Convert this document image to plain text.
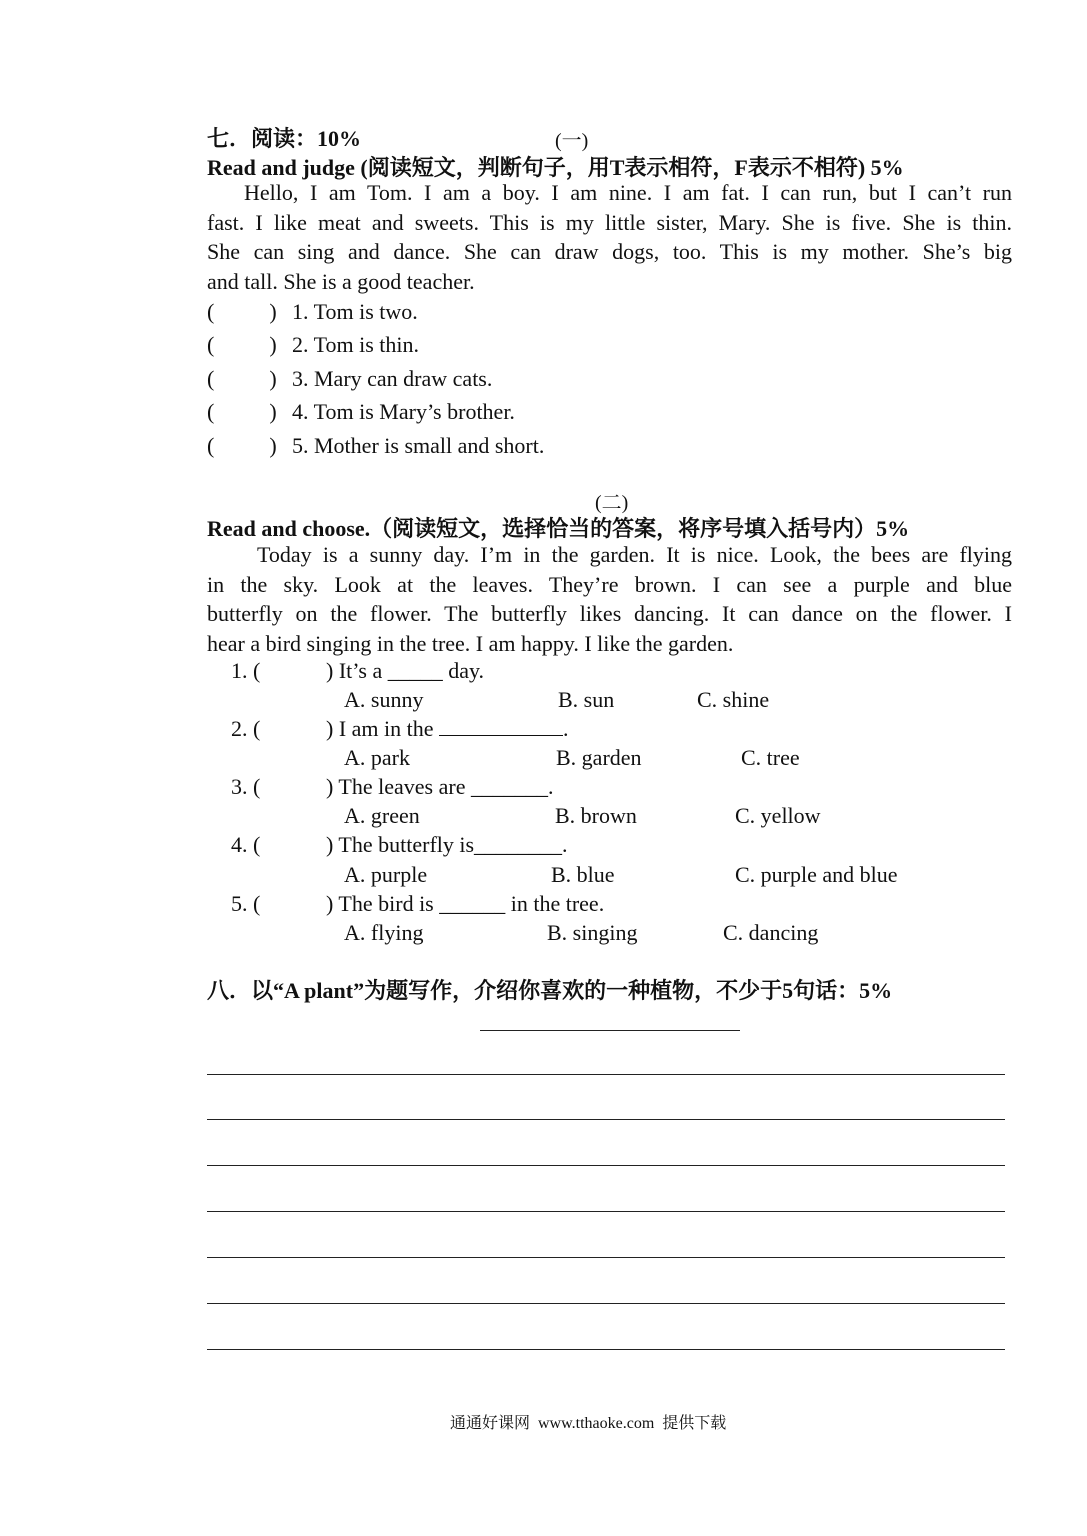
七．阅读：10%	(一)
Read and judge (阅读短文，判断句子，用T表示相符，F表示不相符) 5%

Hello, I am Tom. I am a boy. I am nine. I am fat. I can run, but I can’t run

fast. I like meat and sweets. This is my little sister, Mary. She is five. She is thin.

She can sing and dance. She can draw dogs, too. This is my mother. She’s big

and tall. She is a good teacher.

(          ) 1. Tom is two.
(          ) 2. Tom is thin.
(          ) 3. Mary can draw cats.
(          ) 4. Tom is Mary’s brother.
(          ) 5. Mother is small and short.
(二)
Read and choose.（阅读短文，选择恰当的答案，将序号填入括号内）5%

Today is a sunny day. I’m in the garden. It is nice. Look, the bees are flying

in the sky. Look at the leaves. They’re brown. I can see a purple and blue

butterfly on the flower. The butterfly likes dancing. It can dance on the flower. I

hear a bird singing in the tree. I am happy. I like the garden.

1. (	) It’s a _____ day.
A. sunny	B. sun	C. shine
2. (	) I am in the	.
A. park	B. garden	C. tree
3. (	) The leaves are _______.
A. green	B. brown	C. yellow
4. (	) The butterfly is________.
A. purple	B. blue	C. purple and blue
5. (	) The bird is ______ in the tree.
A. flying	B. singing	C. dancing
八．以“A plant”为题写作，介绍你喜欢的一种植物，不少于5句话：5%
通通好课网  www.tthaoke.com  提供下载
